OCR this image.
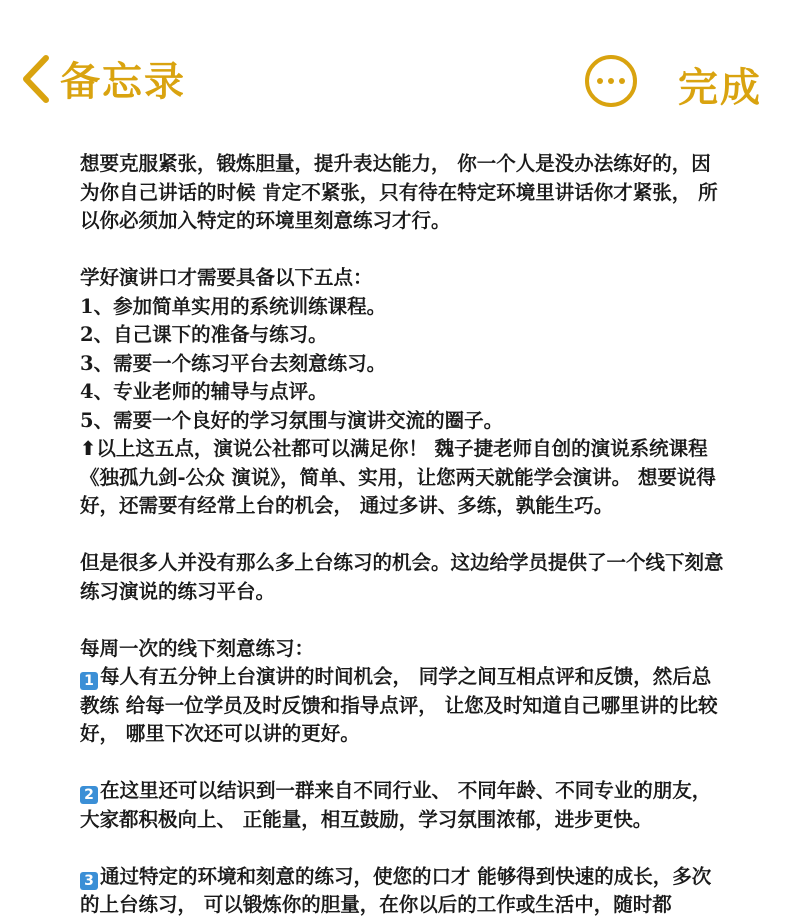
备忘录	完成

想要克服紧张，锻炼胆量，提升表达能力， 你一个人是没办法练好的，因为你自己讲话的时候 肯定不紧张，只有待在特定环境里讲话你才紧张， 所以你必须加入特定的环境里刻意练习才行。

学好演讲口才需要具备以下五点：

1、参加简单实用的系统训练课程。

2、自己课下的准备与练习。

3、需要一个练习平台去刻意练习。

4、专业老师的辅导与点评。

5、需要一个良好的学习氛围与演讲交流的圈子。

⬆以上这五点，演说公社都可以满足你！ 魏子捷老师自创的演说系统课程《独孤九剑-公众 演说》，简单、实用，让您两天就能学会演讲。 想要说得好，还需要有经常上台的机会， 通过多讲、多练，孰能生巧。

但是很多人并没有那么多上台练习的机会。这边给学员提供了一个线下刻意 练习演说的练习平台。

每周一次的线下刻意练习：

1 每人有五分钟上台演讲的时间机会， 同学之间互相点评和反馈，然后总教练 给每一位学员及时反馈和指导点评， 让您及时知道自己哪里讲的比较好， 哪里下次还可以讲的更好。

2 在这里还可以结识到一群来自不同行业、 不同年龄、不同专业的朋友，大家都积极向上、 正能量，相互鼓励，学习氛围浓郁，进步更快。

3 通过特定的环境和刻意的练习，使您的口才 能够得到快速的成长，多次的上台练习， 可以锻炼你的胆量，在你以后的工作或生活中，随时都
